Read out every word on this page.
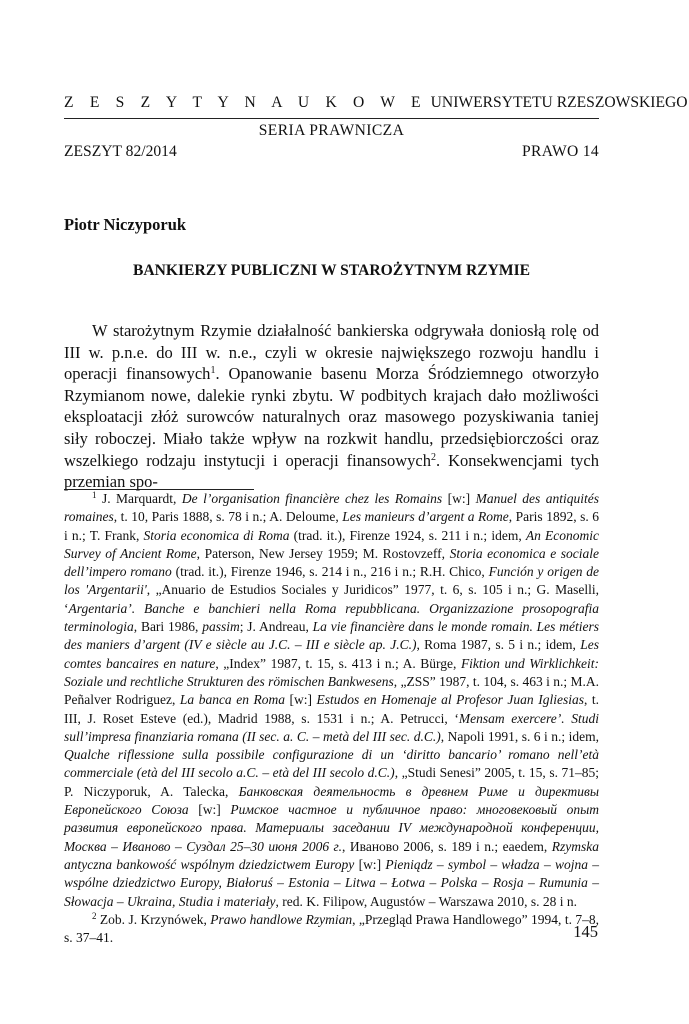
Z E S Z Y T Y N A U K O W E UNIWERSYTETU RZESZOWSKIEGO
SERIA PRAWNICZA
ZESZYT 82/2014	PRAWO 14
Piotr Niczyporuk
BANKIERZY PUBLICZNI W STAROŻYTNYM RZYMIE

W starożytnym Rzymie działalność bankierska odgrywała doniosłą rolę od III w. p.n.e. do III w. n.e., czyli w okresie największego rozwoju handlu i operacji finansowych$^1$. Opanowanie basenu Morza Śródziemnego otworzyło Rzymianom nowe, dalekie rynki zbytu. W podbitych krajach dało możliwości eksploatacji złóż surowców naturalnych oraz masowego pozyskiwania taniej siły roboczej. Miało także wpływ na rozkwit handlu, przedsiębiorczości oraz wszelkiego rodzaju instytucji i operacji finansowych$^2$. Konsekwencjami tych przemian spo-

$^1$ J. Marquardt, De l’organisation financière chez les Romains [w:] Manuel des antiquités romaines, t. 10, Paris 1888, s. 78 i n.; A. Deloume, Les manieurs d’argent a Rome, Paris 1892, s. 6 i n.; T. Frank, Storia economica di Roma (trad. it.), Firenze 1924, s. 211 i n.; idem, An Economic Survey of Ancient Rome, Paterson, New Jersey 1959; M. Rostovzeff, Storia economica e sociale dell’impero romano (trad. it.), Firenze 1946, s. 214 i n., 216 i n.; R.H. Chico, Función y origen de los 'Argentarii', „Anuario de Estudios Sociales y Juridicos” 1977, t. 6, s. 105 i n.; G. Maselli, ‘Argentaria’. Banche e banchieri nella Roma repubblicana. Organizzazione prosopografia terminologia, Bari 1986, passim; J. Andreau, La vie financière dans le monde romain. Les métiers des maniers d’argent (IV e siècle au J.C. – III e siècle ap. J.C.), Roma 1987, s. 5 i n.; idem, Les comtes bancaires en nature, „Index” 1987, t. 15, s. 413 i n.; A. Bürge, Fiktion und Wirklichkeit: Soziale und rechtliche Strukturen des römischen Bankwesens, „ZSS” 1987, t. 104, s. 463 i n.; M.A. Peñalver Rodriguez, La banca en Roma [w:] Estudos en Homenaje al Profesor Juan Igliesias, t. III, J. Roset Esteve (ed.), Madrid 1988, s. 1531 i n.; A. Petrucci, ‘Mensam exercere’. Studi sull’impresa finanziaria romana (II sec. a. C. – metà del III sec. d.C.), Napoli 1991, s. 6 i n.; idem, Qualche riflessione sulla possibile configurazione di un ‘diritto bancario’ romano nell’età commerciale (età del III secolo a.C. – età del III secolo d.C.), „Studi Senesi” 2005, t. 15, s. 71–85; P. Niczyporuk, A. Talecka, Банковская деятельность в древнем Риме и директивы Европейского Союза [w:] Римское частное и публичное право: многовековый опыт развития европейского права. Материалы заседании IV международной конференции, Москва – Иваново – Суздал 25–30 июня 2006 г., Иваново 2006, s. 189 i n.; eaedem, Rzymska antyczna bankowość wspólnym dziedzictwem Europy [w:] Pieniądz – symbol – władza – wojna – wspólne dziedzictwo Europy, Białoruś – Estonia – Litwa – Łotwa – Polska – Rosja – Rumunia – Słowacja – Ukraina, Studia i materiały, red. K. Filipow, Augustów – Warszawa 2010, s. 28 i n.

$^2$ Zob. J. Krzynówek, Prawo handlowe Rzymian, „Przegląd Prawa Handlowego” 1994, t. 7–8, s. 37–41.	145
